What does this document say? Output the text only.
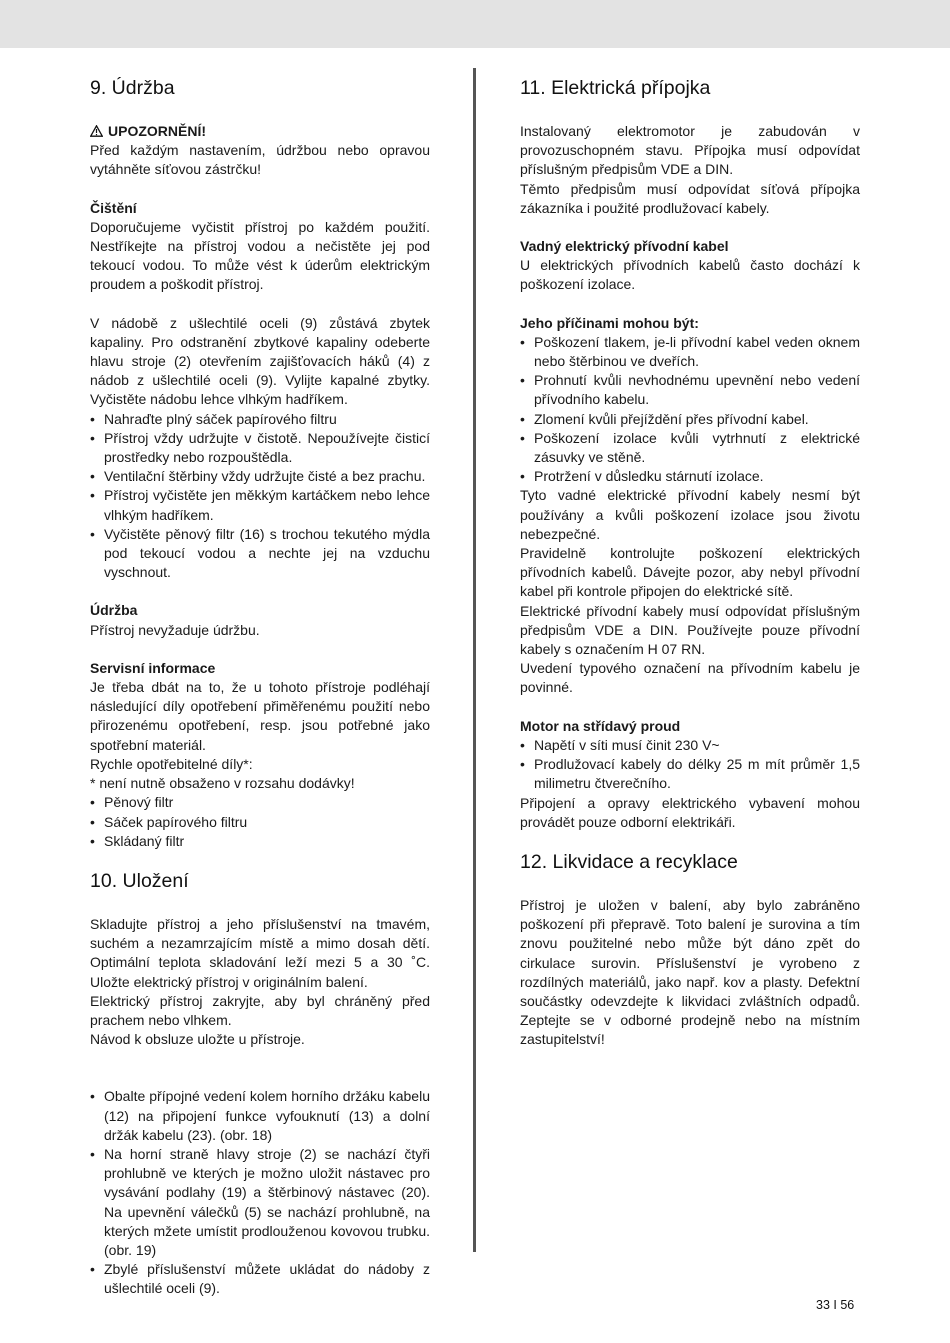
9. Údržba

UPOZORNĚNÍ!

Před každým nastavením, údržbou nebo opravou vytáhněte síťovou zástrčku!

Čištění

Doporučujeme vyčistit přístroj po každém použití. Nestříkejte na přístroj vodou a nečistěte jej pod tekoucí vodou. To může vést k úderům elektrickým proudem a poškodit přístroj.

V nádobě z ušlechtilé oceli (9) zůstává zbytek kapaliny. Pro odstranění zbytkové kapaliny odeberte hlavu stroje (2) otevřením zajišťovacích háků (4) z nádob z ušlechtilé oceli (9). Vylijte kapalné zbytky. Vyčistěte nádobu lehce vlhkým hadříkem.

• Nahraďte plný sáček papírového filtru
• Přístroj vždy udržujte v čistotě. Nepoužívejte čisticí prostředky nebo rozpouštědla.
• Ventilační štěrbiny vždy udržujte čisté a bez prachu.
• Přístroj vyčistěte jen měkkým kartáčkem nebo lehce vlhkým hadříkem.
• Vyčistěte pěnový filtr (16) s trochou tekutého mýdla pod tekoucí vodou a nechte jej na vzduchu vyschnout.

Údržba

Přístroj nevyžaduje údržbu.

Servisní informace

Je třeba dbát na to, že u tohoto přístroje podléhají následující díly opotřebení přiměřenému použití nebo přirozenému opotřebení, resp. jsou potřebné jako spotřební materiál.

Rychle opotřebitelné díly*:

* není nutně obsaženo v rozsahu dodávky!

• Pěnový filtr
• Sáček papírového filtru
• Skládaný filtr
10. Uložení

Skladujte přístroj a jeho příslušenství na tmavém, suchém a nezamrzajícím místě a mimo dosah dětí. Optimální teplota skladování leží mezi 5 a 30 ˚C. Uložte elektrický přístroj v originálním balení.

Elektrický přístroj zakryjte, aby byl chráněný před prachem nebo vlhkem.

Návod k obsluze uložte u přístroje.

• Obalte přípojné vedení kolem horního držáku kabelu (12) na připojení funkce vyfouknutí (13) a dolní držák kabelu (23). (obr. 18)
• Na horní straně hlavy stroje (2) se nachází čtyři prohlubně ve kterých je možno uložit nástavec pro vysávání podlahy (19) a štěrbinový nástavec (20). Na upevnění válečků (5) se nachází prohlubně, na kterých mžete umístit prodlouženou kovovou trubku. (obr. 19)
• Zbylé příslušenství můžete ukládat do nádoby z ušlechtilé oceli (9).
11. Elektrická přípojka

Instalovaný elektromotor je zabudován v provozuschopném stavu. Přípojka musí odpovídat příslušným předpisům VDE a DIN.

Těmto předpisům musí odpovídat síťová přípojka zákazníka i použité prodlužovací kabely.

Vadný elektrický přívodní kabel

U elektrických přívodních kabelů často dochází k poškození izolace.

Jeho příčinami mohou být:

• Poškození tlakem, je-li přívodní kabel veden oknem nebo štěrbinou ve dveřích.
• Prohnutí kvůli nevhodnému upevnění nebo vedení přívodního kabelu.
• Zlomení kvůli přejíždění přes přívodní kabel.
• Poškození izolace kvůli vytrhnutí z elektrické zásuvky ve stěně.
• Protržení v důsledku stárnutí izolace.

Tyto vadné elektrické přívodní kabely nesmí být používány a kvůli poškození izolace jsou životu nebezpečné.

Pravidelně kontrolujte poškození elektrických přívodních kabelů. Dávejte pozor, aby nebyl přívodní kabel při kontrole připojen do elektrické sítě.

Elektrické přívodní kabely musí odpovídat příslušným předpisům VDE a DIN. Používejte pouze přívodní kabely s označením H 07 RN.

Uvedení typového označení na přívodním kabelu je povinné.

Motor na střídavý proud

• Napětí v síti musí činit 230 V~
• Prodlužovací kabely do délky 25 m mít průměr 1,5 milimetru čtverečního.

Připojení a opravy elektrického vybavení mohou provádět pouze odborní elektrikáři.

12. Likvidace a recyklace

Přístroj je uložen v balení, aby bylo zabráněno poškození při přepravě. Toto balení je surovina a tím znovu použitelné nebo může být dáno zpět do cirkulace surovin. Příslušenství je vyrobeno z rozdílných materiálů, jako např. kov a plasty. Defektní součástky odevzdejte k likvidaci zvláštních odpadů. Zeptejte se v odborné prodejně nebo na místním zastupitelství!

33 I 56
